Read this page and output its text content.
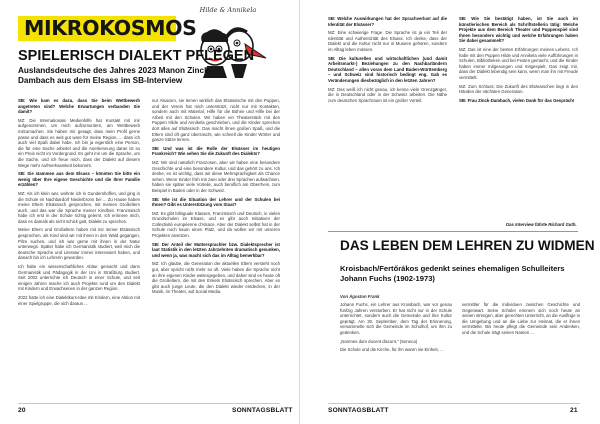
MIKROKOSMOS
Hilde & Annikela
SPIELERISCH DIALEKT PFLEGEN
Auslandsdeutsche des Jahres 2023 Manon Zinck-Dambach aus dem Elsass im SB-Interview

SB: Wie kam es dazu, dass Sie beim Wettbewerb angetreten sind? Welche Erwartungen verbanden Sie damit?

MZ: Die Internationale Medienhilfe hat Kontakt mit mir aufgenommen, um mich aufzumuntern, am Wettbewerb mitzumachen. Sie haben mir gesagt, dass mein Profil gerne passe und dass es weit gut ware für meine Region, ... dass ich auch viel Spaß dabei habe. Ich bin ja eigentlich eine Person, die für eine Sache arbeitet und die Anerkennung daran ist so ein Preis nicht im Vordergrund. Es geht mir um die Sprache, um die Sache, und ich freue mich, dass der Dialekt auf diesem Wege mehr Aufmerksamkeit bekommt.

SB: Sie stammen aus dem Elsass – könnten Sie bitte ein wenig über Ihre eigene Geschichte und die Ihrer Familie erzählen?

MZ: Als ich klein war, wohnte ich in Gundershoffen, und ging in die Schule im Nachbardorf Niederbronn bei ... Zu Hause haben meine Eltern Elsässisch gesprochen, mit meinen Großeltern auch, und das war die Sprache meiner Kindheit. Französisch habe ich erst in der Schule richtig gelernt. Ich erinnere mich, dass es damals als nicht schick galt, Dialekt zu sprechen.

Meine Eltern und Großeltern haben mit mir immer Elsässisch gesprochen, als Kind sind wir mit ihnen in den Wald gegangen, Pilze suchen, und ich war gerne mit ihnen in der Natur unterwegs. Später habe ich Germanistik studiert, weil mich die deutsche Sprache und Literatur immer interessiert haben, und danach bin ich Lehrerin geworden.

Ich habe ein wissenschaftliches Abitur gemacht und dann Germanistik und Pädagogik in der Uni in Straßburg studiert. Seit 2002 unterrichte ich Deutsch in einer Schule, und seit einigen Jahren mache ich auch Projekte rund um den Dialekt mit Kindern und Erwachsenen in der ganzen Region.

2022 hatte ich eine Dialektkurs-Idee mit Kindern, eine Aktion mit einer Spielgruppe, die sich daraus ...

nur Alsacien, sie lernen wirklich das Elsässische mit den Puppen, und der Verein hat mich unterstützt, nicht nur mit Kontakten, sondern auch mit Material, Hilfe für die Bühne und Hilfe bei der Arbeit mit den Schulen. Wir haben ein Theaterstück mit den Puppen Hilde und Annikela geschrieben, und die Kinder sprechen dort alles auf Elsässisch. Das macht ihnen großen Spaß, und die Eltern sind oft ganz überrascht, wie schnell die Kinder Wörter und ganze Sätze lernen.

SB: Und was ist die Rolle der Elsässer im heutigen Frankreich? Wie sehen Sie die Zukunft des Dialekts?

MZ: Wir sind natürlich Franzosen, aber wir haben eine besondere Geschichte und eine besondere Kultur, und das gehört zu uns. Ich denke, es ist wichtig, dass wir diese Mehrsprachigkeit als Chance sehen. Wenn Kinder früh mit zwei oder drei Sprachen aufwachsen, haben sie später viele Vorteile, auch beruflich am Oberrhein, zum Beispiel in Baden oder in der Schweiz.

SB: Wie ist die Situation der Lehrer und der Schulen bei Ihnen? Gibt es Unterstützung vom Staat?

MZ: Es gibt bilinguale Klassen, Französisch und Deutsch, in vielen Grundschulen im Elsass, und es gibt auch Initiativen der Collectivité européenne d'Alsace. Aber der Dialekt selbst hat in der Schule noch kaum einen Platz, und da wollen wir mit unseren Projekten ansetzen.

SB: Der Anteil der Muttersprachler bzw. Dialektsprecher ist laut Statistik in den letzten Jahrzehnten dramatisch gesunken, und wenn ja, was macht sich das im Alltag bemerkbar?

MZ: Ich glaube, die Generation der aktuellen Eltern versteht noch gut, aber spricht nicht mehr so oft. Viele haben die Sprache nicht an ihre eigenen Kinder weitergegeben, und daher sind es heute oft die Großeltern, die mit den Enkeln Elsässisch sprechen. Aber es gibt auch junge Leute, die den Dialekt wieder entdecken, in der Musik, im Theater, auf Social Media.

20	SONNTAGSBLATT

SB: Welche Auswirkungen hat der Sprachverlust auf die Identität der Elsässer?

MZ: Eine schwierige Frage. Die Sprache ist ja ein Teil der Identität und Authentizität des Elsass. Ich denke, dass der Dialekt und die Kultur nicht nur in Museen gehören, sondern im Alltag leben müssen.

SB: Die kulturellen und wirtschaftlichen (und damit Arbeitsmarkt-) Beziehungen zu den Nachbarländern Deutschland – allen voran dem Land Baden-Württemberg – und Schweiz sind historisch bedingt eng. Gab es Veränderungen diesbezüglich in den letzten Jahren?

MZ: Das weiß ich nicht genau, ich kenne viele Grenzgänger, die in Deutschland oder in der Schweiz arbeiten. Die Nähe zum deutschen Sprachraum ist ein großer Vorteil.

SB: Wie Sie bestätigt haben, ist Sie auch im künstlerischen Bereich als Schriftstellerin tätig: Welche Projekte aus dem Bereich Theater und Puppenspiel sind Ihnen besonders wichtig und welche Erfahrungen haben Sie dabei gesammelt?

MZ: Das ist eine der besten Erfahrungen meines Lebens. Ich habe mit den Puppen Hilde und Annikela viele Aufführungen in Schulen, Bibliotheken und bei Festen gemacht, und die Kinder haben immer mitgesungen und mitgespielt. Das zeigt mir, dass der Dialekt lebendig sein kann, wenn man ihn mit Freude vermittelt.

MZ: Zum Schluss: Die Zukunft des Elsässischen liegt in den Händen der nächsten Generation.

SB: Frau Zinck-Dambach, vielen Dank für das Gespräch!

Das Interview führte Richard Guth.
DAS LEBEN DEM LEHREN ZU WIDMEN
Kroisbach/Fertőrákos gedenkt seines ehemaligen Schulleiters Johann Fuchs (1902-1973)
Von Ágoston Frank

Johann Fuchs, ein Lehrer aus Kroisbach, war vor genau fünfzig Jahren verstorben. Er hat nicht nur in der Schule unterrichtet, sondern auch die Gemeinde und ihre Kultur geprägt. Am 30. September, dem Tag der Erinnerung, versammelte sich die Gemeinde im Schulhof, um ihm zu gedenken.

„Nomnes dum docent discunt.“ (Seneca)

Die Schule und die Kirche, für ihn waren sie Einheit, ...

vermittler für die Individuen zwischen Geschichte und Gegenwart. Seine Schüler erinnern sich noch heute an seinen strengen, aber gerechten Unterricht, an die Ausflüge in die Umgebung und an die Liebe zur Heimat, die er ihnen vermittelte. Bis heute pflegt die Gemeinde sein Andenken, und die Schule trägt seinen Namen ...

SONNTAGSBLATT	21
